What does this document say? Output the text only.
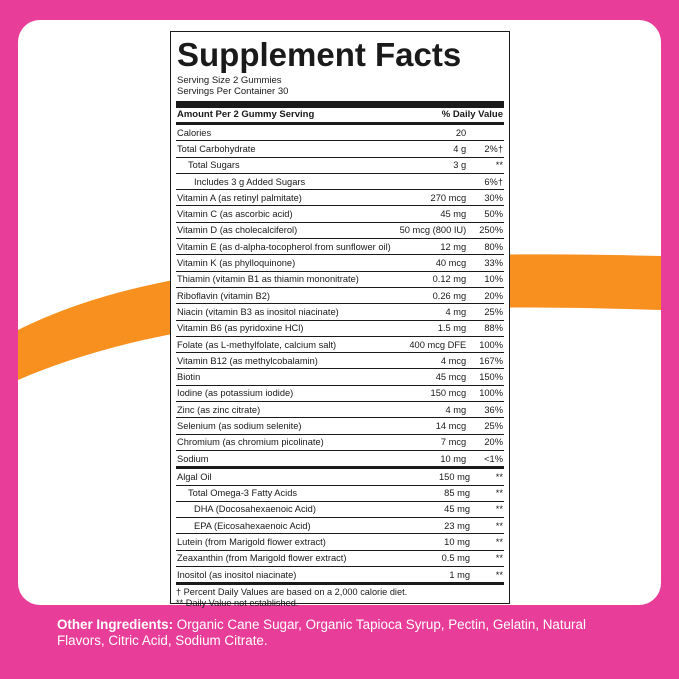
Supplement Facts
Serving Size 2 Gummies
Servings Per Container 30
Amount Per 2 Gummy Serving	% Daily Value
Calories	20	
Total Carbohydrate	4 g	2%†
Total Sugars	3 g	**
Includes 3 g Added Sugars		6%†
Vitamin A (as retinyl palmitate)	270 mcg	30%
Vitamin C (as ascorbic acid)	45 mg	50%
Vitamin D (as cholecalciferol)	50 mcg (800 IU)	250%
Vitamin E (as d-alpha-tocopherol from sunflower oil)	12 mg	80%
Vitamin K (as phylloquinone)	40 mcg	33%
Thiamin (vitamin B1 as thiamin mononitrate)	0.12 mg	10%
Riboflavin (vitamin B2)	0.26 mg	20%
Niacin (vitamin B3 as inositol niacinate)	4 mg	25%
Vitamin B6 (as pyridoxine HCl)	1.5 mg	88%
Folate (as L-methylfolate, calcium salt)	400 mcg DFE	100%
Vitamin B12 (as methylcobalamin)	4 mcg	167%
Biotin	45 mcg	150%
Iodine (as potassium iodide)	150 mcg	100%
Zinc (as zinc citrate)	4 mg	36%
Selenium (as sodium selenite)	14 mcg	25%
Chromium (as chromium picolinate)	7 mcg	20%
Sodium	10 mg	<1%
Algal Oil	150 mg	**
Total Omega-3 Fatty Acids	85 mg	**
DHA (Docosahexaenoic Acid)	45 mg	**
EPA (Eicosahexaenoic Acid)	23 mg	**
Lutein (from Marigold flower extract)	10 mg	**
Zeaxanthin (from Marigold flower extract)	0.5 mg	**
Inositol (as inositol niacinate)	1 mg	**
† Percent Daily Values are based on a 2,000 calorie diet.
** Daily Value not established.
Other Ingredients: Organic Cane Sugar, Organic Tapioca Syrup, Pectin, Gelatin, Natural Flavors, Citric Acid, Sodium Citrate.
